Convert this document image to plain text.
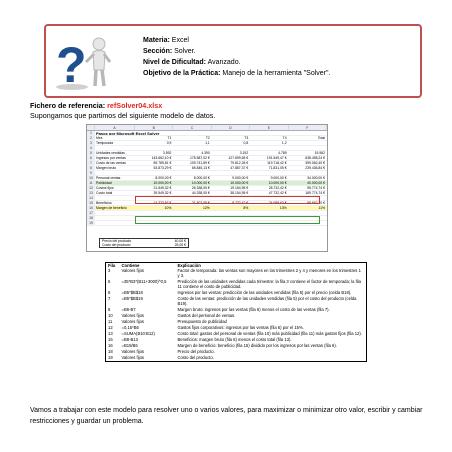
?	Materia: Excel
Sección: Solver.
Nivel de Dificultad: Avanzado.
Objetivo de la Práctica: Manejo de la herramienta "Solver".
Fichero de referencia: refSolver04.xlsx
Supongamos que partimos del siguiente modelo de datos.
A	B	C	D	E	F
1	Pasos por Microsoft Excel Solver
2	Mes	T1	T2	T3	T4	Total
3	Temporada	0,9	1,1	0,8	1,2
4
5	Unidades vendidas	3.592	4.390	3.192	4.789	15.962
6	Ingresos por ventas	143.662,10 €	175.587,02 €	127.699,65 €	191.549,47 €	638.498,24 €
7	Costo de las ventas	89.789,81 €	109.741,89 €	79.812,28 €	119.718,42 €	399.062,40 €
8	Margen bruto	53.873,29 €	65.845,13 €	47.887,37 €	71.831,05 €	239.436,84 €
9
10 Personal ventas	8.000,00 €	8.000,00 €	9.000,00 €	9.000,00 €	34.000,00 €
11 Publicidad	10.000,00 €	10.000,00 €	10.000,00 €	10.000,00 €	40.000,00 €
12 Costos fijos	21.549,32 €	26.338,05 €	19.154,95 €	28.732,42 €	95.774,74 €
13 Costo total	39.549,32 €	44.338,05 €	38.154,95 €	47.732,42 €	169.774,74 €
14
15 Beneficios	14.323,97 €	21.507,08 €	9.732,42 €	24.098,63 €	69.662,10 €
16 Margen de beneficio	10%	12%	8%	13%	11%
17
18
19
Precio del producto	40,00 €
Costo del producto	25,00 €
Fila	Contiene	Explicación
3	Valores fijos	Factor de temporada: las ventas son mayores en los trimestres 2 y 4 y menores en los trimestres 1 y 3.
5	=35*B3*(B11+3000)^0,5	Predicción de las unidades vendidas cada trimestre: la fila 3 contiene el factor de temporada; la fila 11 contiene el costo de publicidad.
6	=B5*$B$18	Ingresos por las ventas: predicción de las unidades vendidas (fila 5) por el precio (celda B18).
7	=B5*$B$19	Costo de las ventas: predicción de las unidades vendidas (fila 5) por el costo del producto (celda B19).
8	=B6-B7	Margen bruto: ingresos por las ventas (fila 6) menos el costo de las ventas (fila 7).
10	Valores fijos	Gastos del personal de ventas.
11	Valores fijos	Presupuesto de publicidad
12	=0,15*B6	Gastos fijos corporativos: ingresos por las ventas (fila 6) por el 15%.
13	=SUMA(B10:B12)	Costo total: gastos del personal de ventas (fila 10) más publicidad (fila 11) más gastos fijos (fila 12).
15	=B8-B13	Beneficios: margen bruto (fila 8) menos el costo total (fila 13).
16	=B15/B6	Margen de beneficio: beneficio (fila 15) dividido por los ingresos por las ventas (fila 6).
18	Valores fijos	Precio del producto.
19	Valores fijos	Costo del producto.
Vamos a trabajar con este modelo para resolver uno o varios valores, para maximizar o minimizar otro valor, escribir y cambiar restricciones y guardar un problema.
